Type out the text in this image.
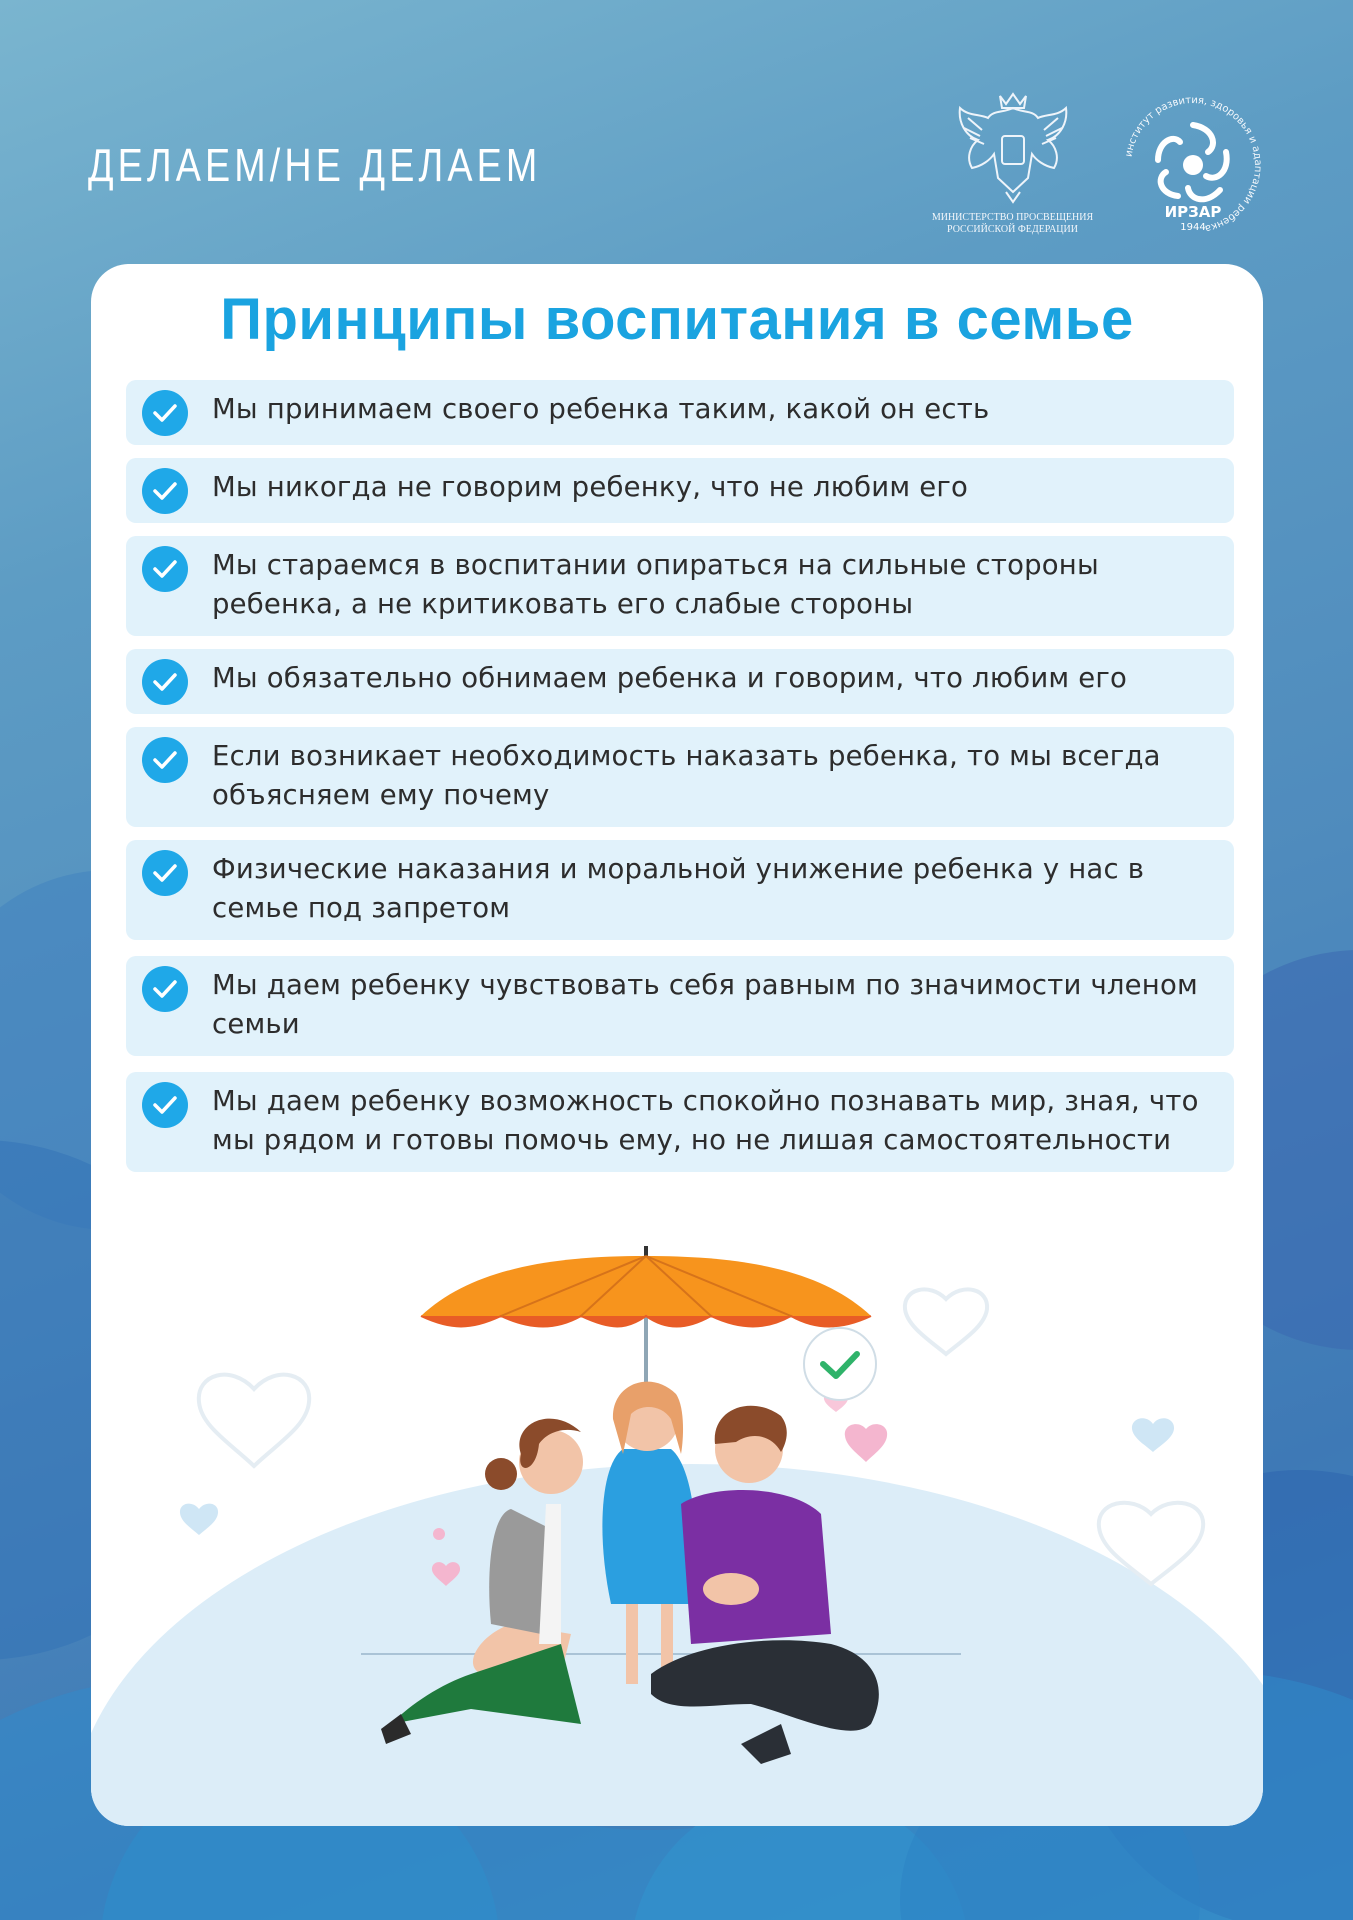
ДЕЛАЕМ/НЕ ДЕЛАЕМ
МИНИСТЕРСТВО ПРОСВЕЩЕНИЯ
РОССИЙСКОЙ ФЕДЕРАЦИИ
институт развития, здоровья и адаптации ребенка
ИРЗАР
1944
Принципы воспитания в семье
Мы принимаем своего ребенка таким, какой он есть
Мы никогда не говорим ребенку, что не любим его
Мы стараемся в воспитании опираться на сильные стороны ребенка, а не критиковать его слабые стороны
Мы обязательно обнимаем ребенка и говорим, что любим его
Если возникает необходимость наказать ребенка, то мы всегда объясняем ему почему
Физические наказания и моральной унижение ребенка у нас в семье под запретом
Мы даем ребенку чувствовать себя равным по значимости членом семьи
Мы даем ребенку возможность спокойно познавать мир, зная, что мы рядом и готовы помочь ему, но не лишая самостоятельности
